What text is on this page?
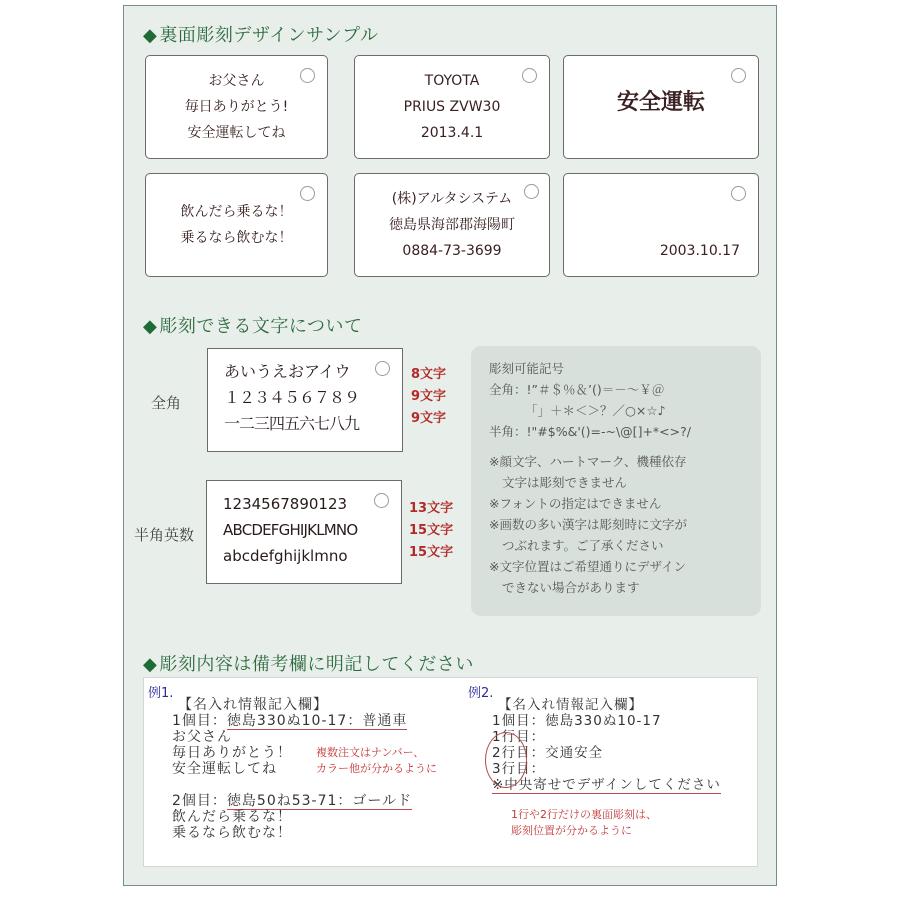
◆ 裏面彫刻デザインサンプル
お父さん
毎日ありがとう!
安全運転してね
TOYOTA
PRIUS ZVW30
2013.4.1
安全運転
飲んだら乗るな！
乗るなら飲むな！
(株)アルタシステム
徳島県海部郡海陽町
0884-73-3699	2003.10.17
◆ 彫刻できる文字について
全角
あいうえおアイウ
１２３４５６７８９
一二三四五六七八九
8文字
9文字
9文字
半角英数
1234567890123
ABCDEFGHIJKLMNO
abcdefghijklmno
13文字
15文字
15文字
彫刻可能記号
全角：!”＃＄％＆’()＝－～￥＠
「」＋＊＜＞？／○×☆♪
半角：!"#$%&'()=-~\@[]+*<>?/
※顔文字、ハートマーク、機種依存
文字は彫刻できません
※フォントの指定はできません
※画数の多い漢字は彫刻時に文字が
つぶれます。ご了承ください
※文字位置はご希望通りにデザイン
できない場合があります
◆ 彫刻内容は備考欄に明記してください
例1.
【名入れ情報記入欄】
1個目：徳島330ぬ10-17：普通車
お父さん
毎日ありがとう！
安全運転してね
2個目：徳島50ね53-71：ゴールド
飲んだら乗るな！
乗るなら飲むな！
複数注文はナンバー、
カラー他が分かるように
例2.
【名入れ情報記入欄】
1個目：徳島330ぬ10-17
1行目：
2行目：交通安全
3行目：
※中央寄せでデザインしてください
1行や2行だけの裏面彫刻は、
彫刻位置が分かるように
